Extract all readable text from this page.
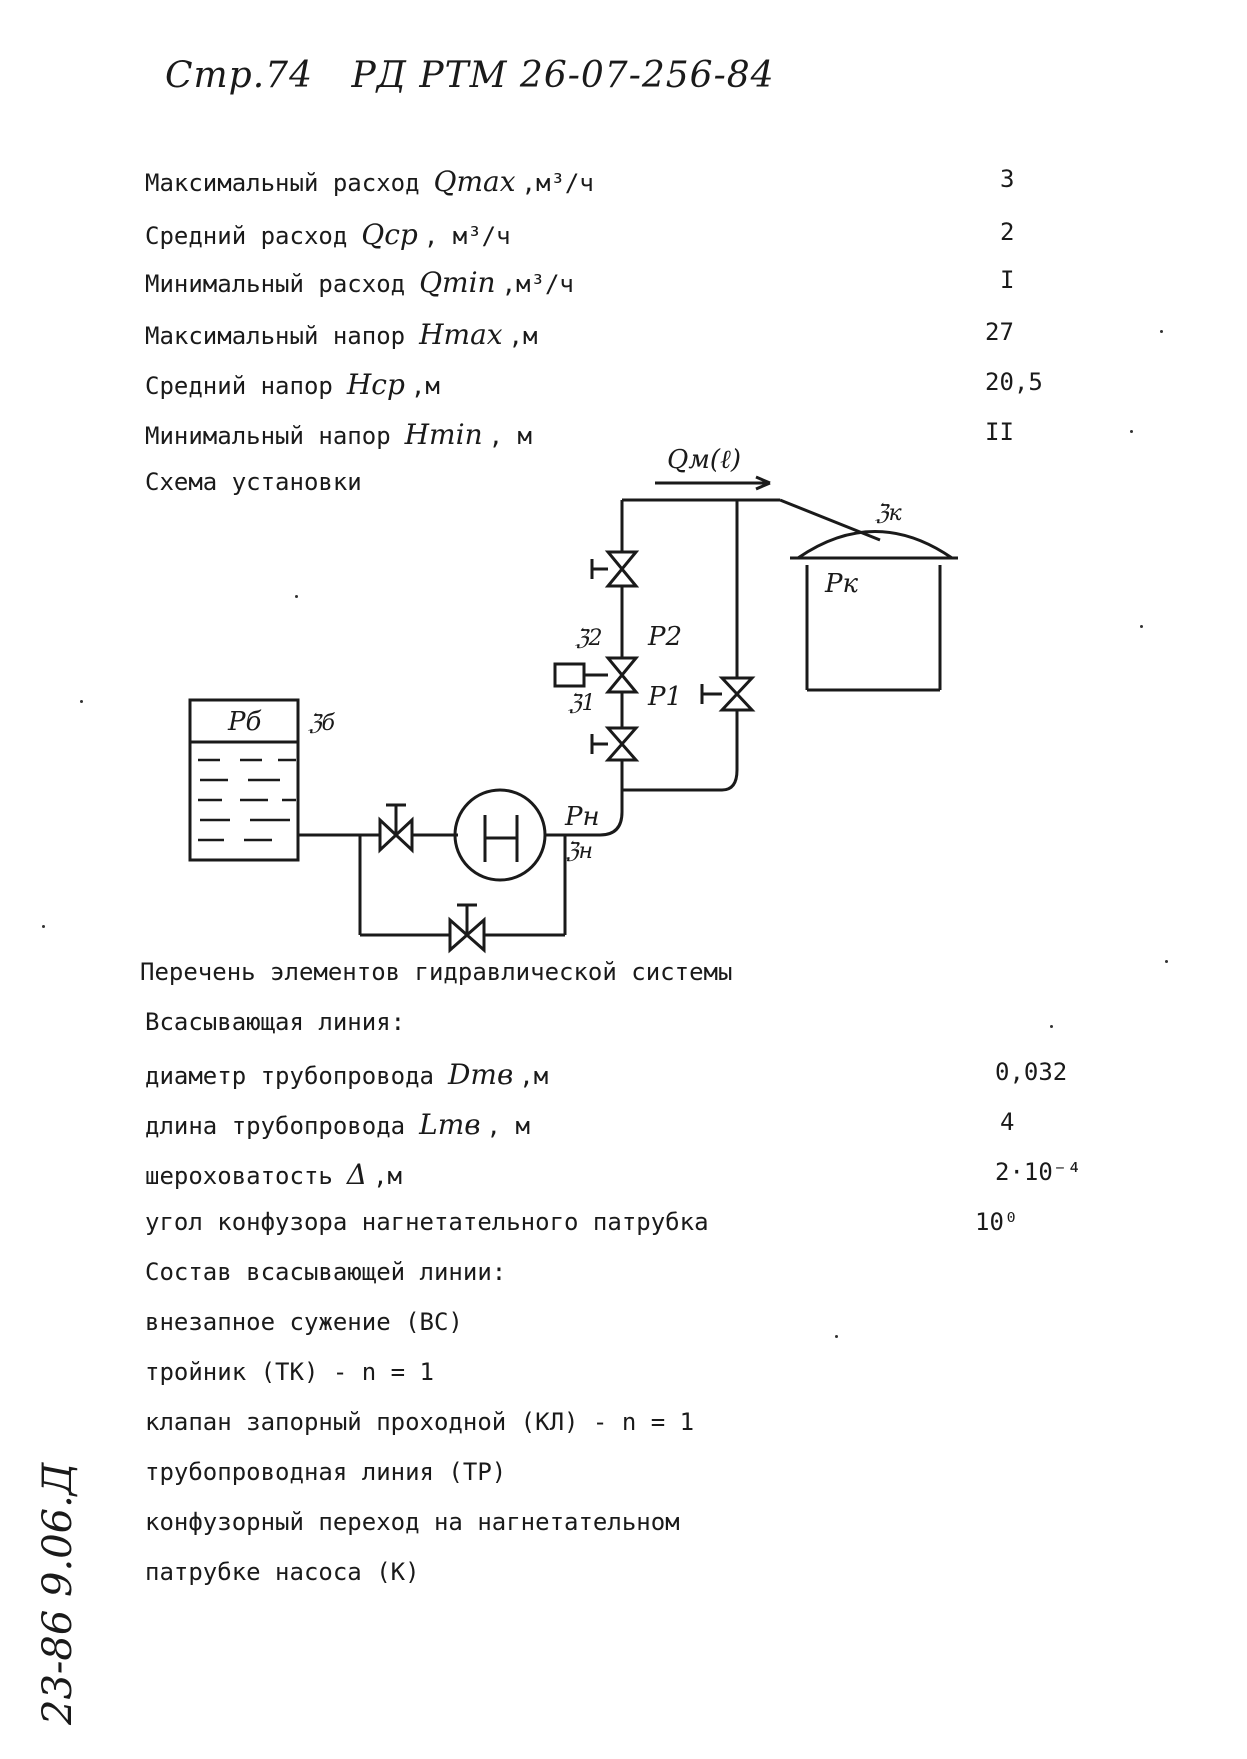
Стр.74 РД РТМ 26-07-256-84
Максимальный расход Qmax ,м³/ч	3
Средний расход Qср , м³/ч	2
Минимальный расход Qmin ,м³/ч	I
Максимальный напор Hmax ,м	27
Средний напор Hср ,м	20,5
Минимальный напор Hmin , м	II
Схема установки
Qм(ℓ)
ℨк
Pк
ℨ2 P2
ℨ1 P1
Pб ℨб
Pн
ℨн
Перечень элементов гидравлической системы
Всасывающая линия:
диаметр трубопровода Dтв ,м	0,032
длина трубопровода Lтв , м	4
шероховатость Δ ,м	2·10⁻⁴
угол конфузора нагнетательного патрубка	10⁰
Состав всасывающей линии:
внезапное сужение (ВС)
тройник (ТК) - n = 1
клапан запорный проходной (КЛ) - n = 1
трубопроводная линия (ТР)
конфузорный переход на нагнетательном
патрубке насоса (К)
23-86 9.06.Д
